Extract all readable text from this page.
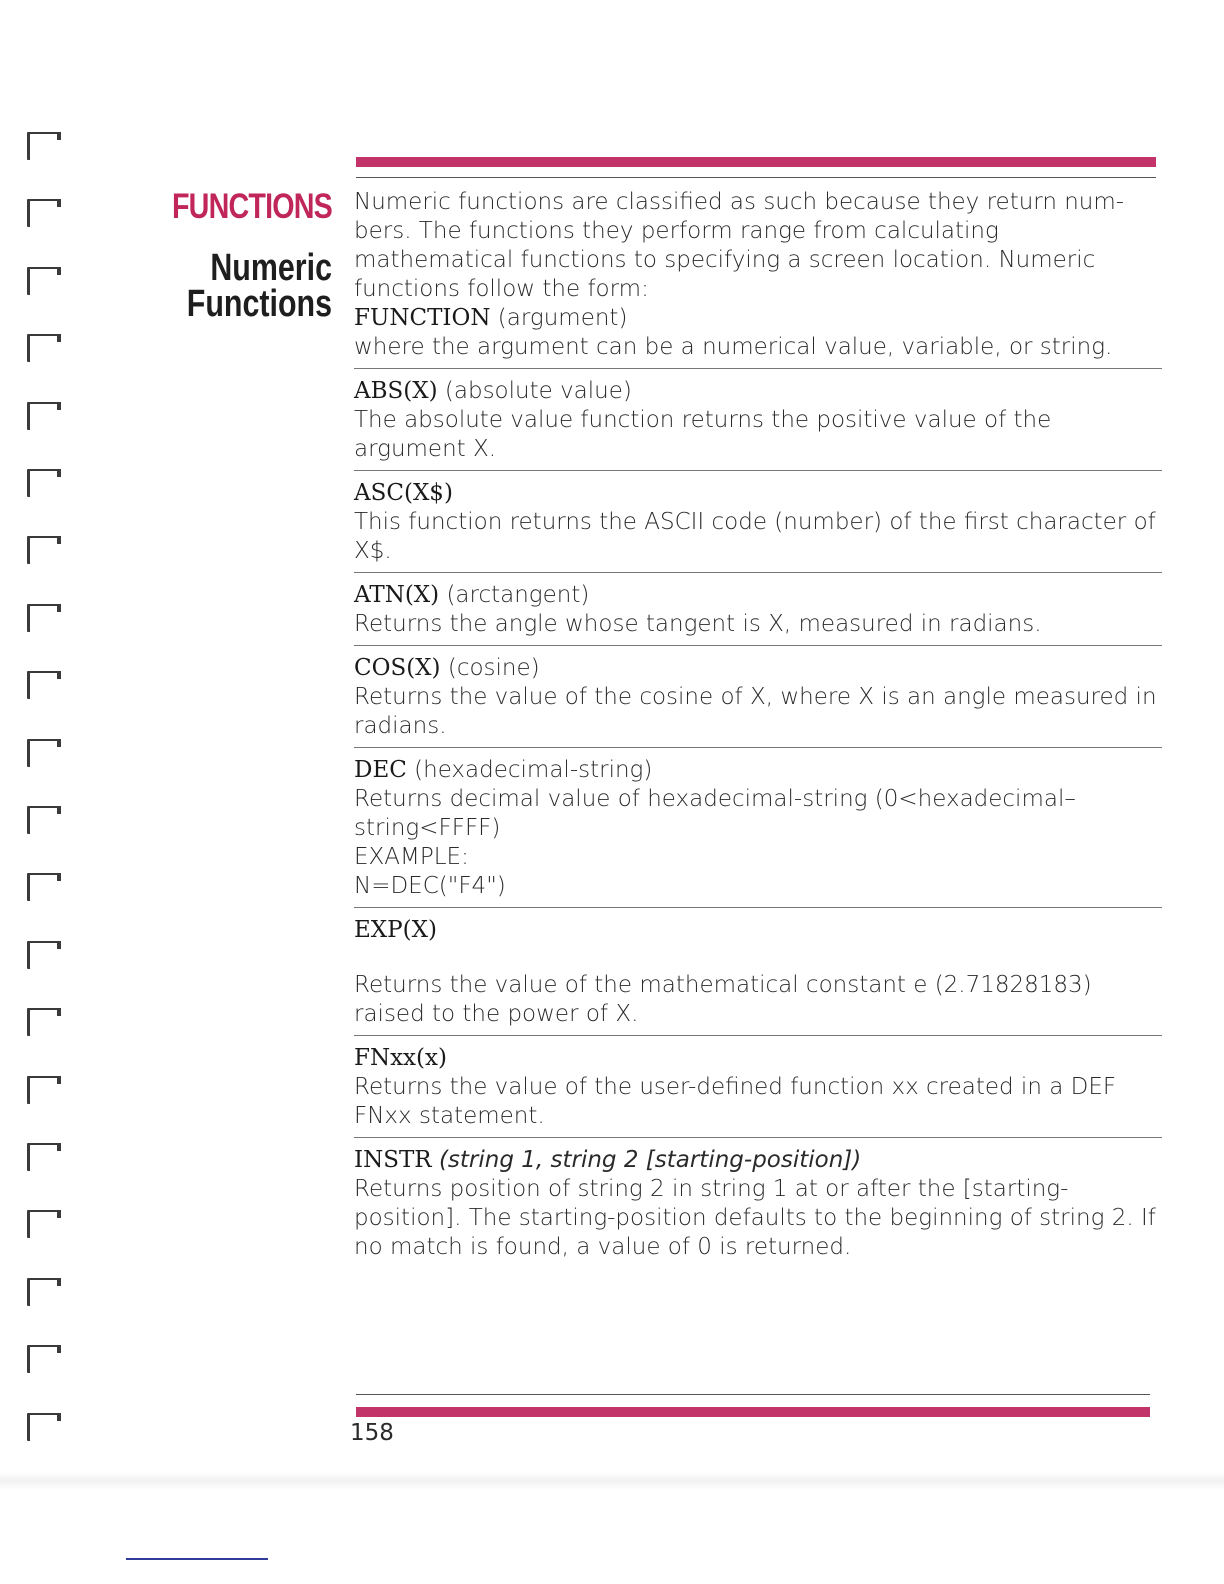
FUNCTIONS
Numeric
Functions

Numeric functions are classified as such because they return num-bers. The functions they perform range from calculating mathematical functions to specifying a screen location. Numeric functions follow the form:

FUNCTION (argument)

where the argument can be a numerical value, variable, or string.

ABS(X) (absolute value)

The absolute value function returns the positive value of the argument X.

ASC(X$)

This function returns the ASCII code (number) of the first character of X$.

ATN(X) (arctangent)

Returns the angle whose tangent is X, measured in radians.

COS(X) (cosine)

Returns the value of the cosine of X, where X is an angle measured in radians.

DEC (hexadecimal-string)

Returns decimal value of hexadecimal-string (0<hexadecimal–string<FFFF)

EXAMPLE:

N=DEC("F4")

EXP(X)

Returns the value of the mathematical constant e (2.71828183) raised to the power of X.

FNxx(x)

Returns the value of the user-defined function xx created in a DEF FNxx statement.

INSTR (string 1, string 2 [starting-position])

Returns position of string 2 in string 1 at or after the [starting-position]. The starting-position defaults to the beginning of string 2. If no match is found, a value of 0 is returned.

158
